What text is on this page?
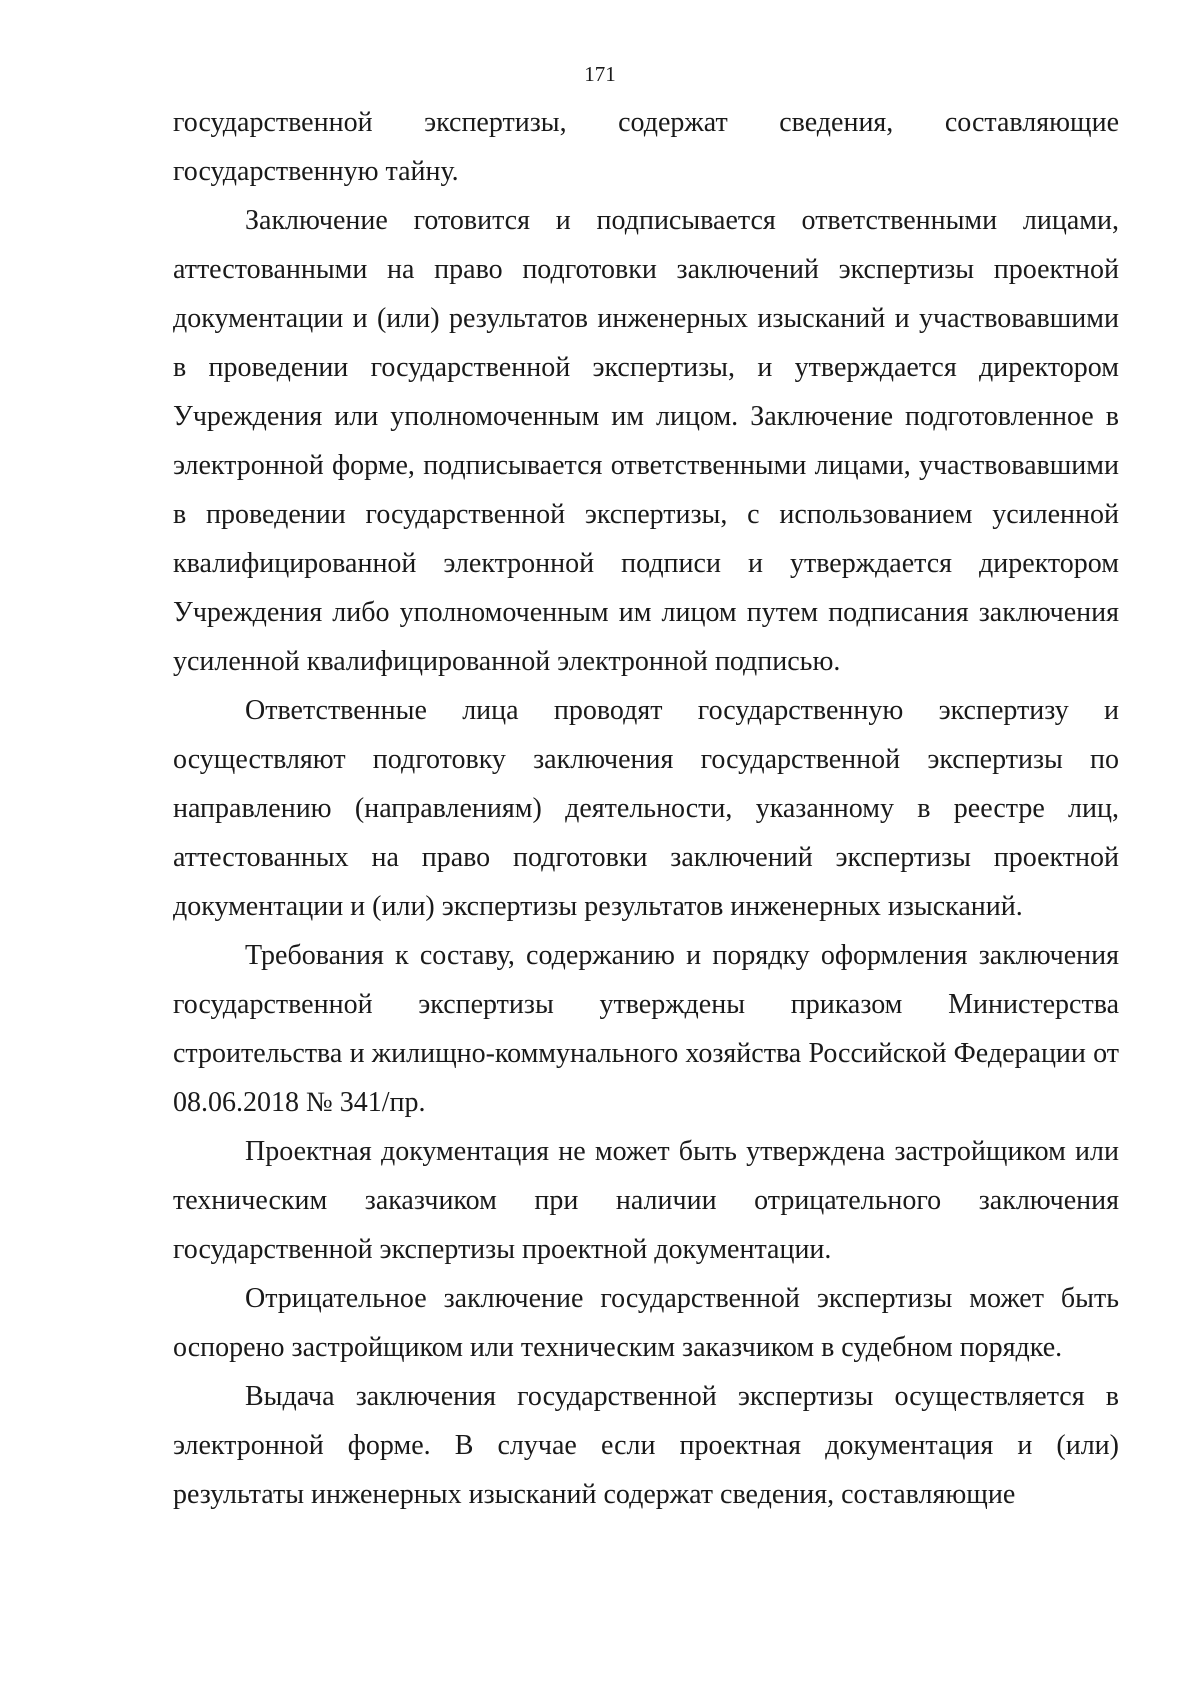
171

государственной экспертизы, содержат сведения, составляющие государственную тайну.

Заключение готовится и подписывается ответственными лицами, аттестованными на право подготовки заключений экспертизы проектной документации и (или) результатов инженерных изысканий и участвовавшими в проведении государственной экспертизы, и утверждается директором Учреждения или уполномоченным им лицом. Заключение подготовленное в электронной форме, подписывается ответственными лицами, участвовавшими в проведении государственной экспертизы, с использованием усиленной квалифицированной электронной подписи и утверждается директором Учреждения либо уполномоченным им лицом путем подписания заключения усиленной квалифицированной электронной подписью.

Ответственные лица проводят государственную экспертизу и осуществляют подготовку заключения государственной экспертизы по направлению (направлениям) деятельности, указанному в реестре лиц, аттестованных на право подготовки заключений экспертизы проектной документации и (или) экспертизы результатов инженерных изысканий.

Требования к составу, содержанию и порядку оформления заключения государственной экспертизы утверждены приказом Министерства строительства и жилищно-коммунального хозяйства Российской Федерации от 08.06.2018 № 341/пр.

Проектная документация не может быть утверждена застройщиком или техническим заказчиком при наличии отрицательного заключения государственной экспертизы проектной документации.

Отрицательное заключение государственной экспертизы может быть оспорено застройщиком или техническим заказчиком в судебном порядке.

Выдача заключения государственной экспертизы осуществляется в электронной форме. В случае если проектная документация и (или) результаты инженерных изысканий содержат сведения, составляющие
